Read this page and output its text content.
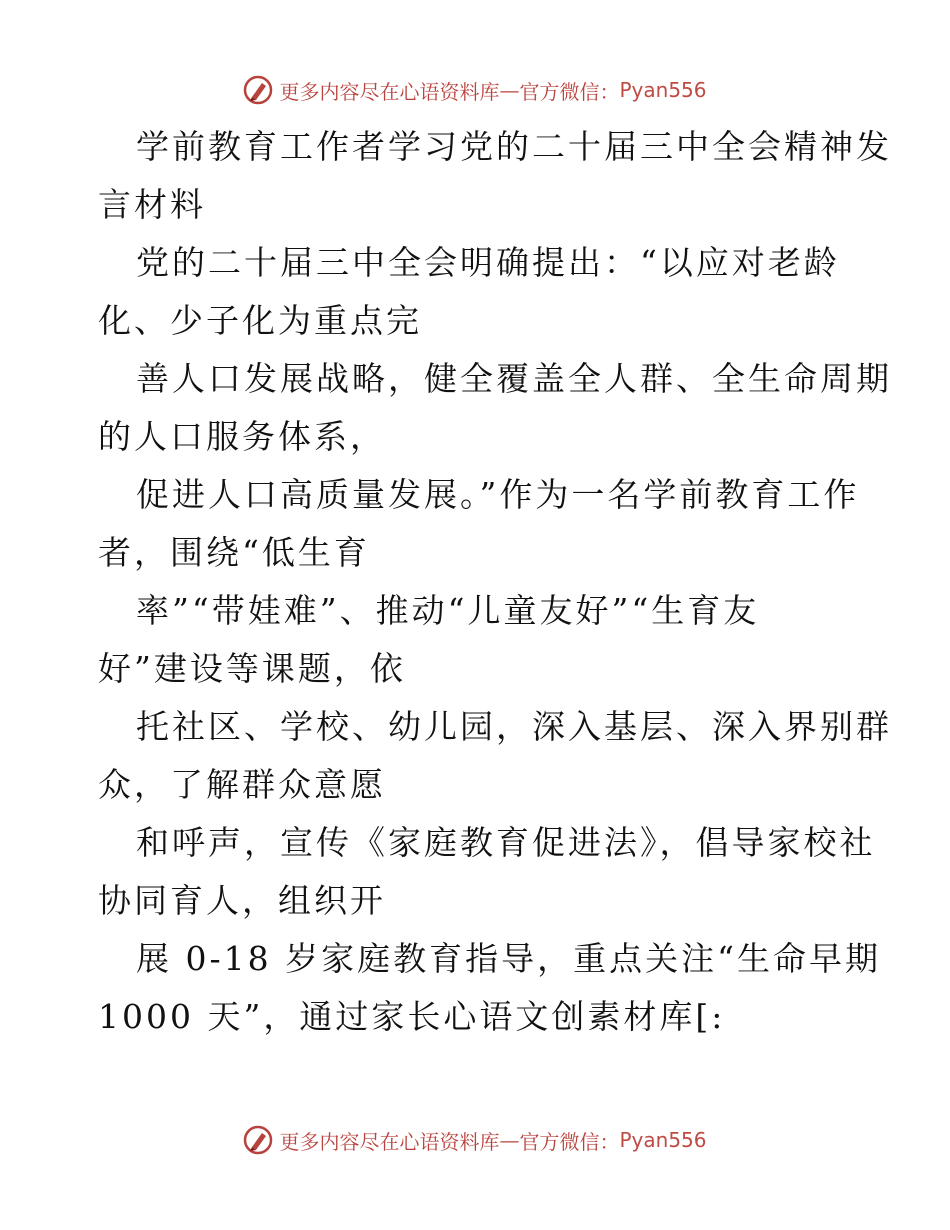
更多内容尽在心语资料库 — 官方微信： Pyan556

学前教育工作者学习党的二十届三中全会精神发
言材料

党的二十届三中全会明确提出：“以应对老龄
化、少子化为重点完

善人口发展战略，健全覆盖全人群、全生命周期
的人口服务体系，

促进人口高质量发展。”作为一名学前教育工作
者，围绕“低生育

率”“带娃难”、推动“儿童友好”“生育友
好”建设等课题，依

托社区、学校、幼儿园，深入基层、深入界别群
众，了解群众意愿

和呼声，宣传《家庭教育促进法》，倡导家校社
协同育人，组织开

展 0-18 岁家庭教育指导，重点关注“生命早期
1000 天”，通过家长心语文创素材库[:

更多内容尽在心语资料库 — 官方微信： Pyan556
